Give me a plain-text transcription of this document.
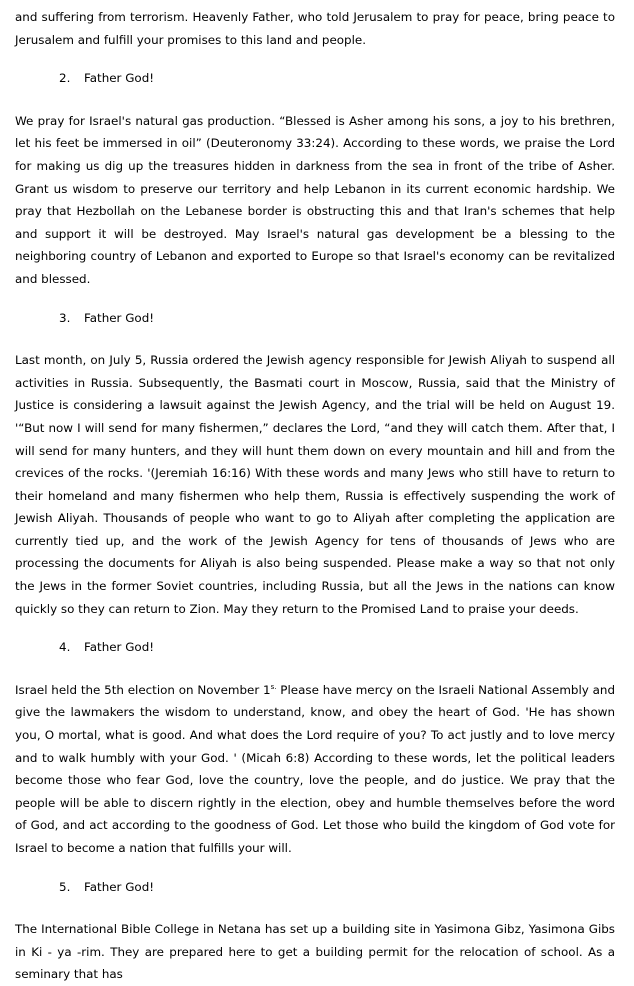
and suffering from terrorism. Heavenly Father, who told Jerusalem to pray for peace, bring peace to Jerusalem and fulfill your promises to this land and people.

2. Father God!

We pray for Israel's natural gas production. “Blessed is Asher among his sons, a joy to his brethren, let his feet be immersed in oil” (Deuteronomy 33:24). According to these words, we praise the Lord for making us dig up the treasures hidden in darkness from the sea in front of the tribe of Asher. Grant us wisdom to preserve our territory and help Lebanon in its current economic hardship. We pray that Hezbollah on the Lebanese border is obstructing this and that Iran's schemes that help and support it will be destroyed. May Israel's natural gas development be a blessing to the neighboring country of Lebanon and exported to Europe so that Israel's economy can be revitalized and blessed.

3. Father God!

Last month, on July 5, Russia ordered the Jewish agency responsible for Jewish Aliyah to suspend all activities in Russia. Subsequently, the Basmati court in Moscow, Russia, said that the Ministry of Justice is considering a lawsuit against the Jewish Agency, and the trial will be held on August 19. '“But now I will send for many fishermen,” declares the Lord, “and they will catch them. After that, I will send for many hunters, and they will hunt them down on every mountain and hill and from the crevices of the rocks. '(Jeremiah 16:16) With these words and many Jews who still have to return to their homeland and many fishermen who help them, Russia is effectively suspending the work of Jewish Aliyah. Thousands of people who want to go to Aliyah after completing the application are currently tied up, and the work of the Jewish Agency for tens of thousands of Jews who are processing the documents for Aliyah is also being suspended. Please make a way so that not only the Jews in the former Soviet countries, including Russia, but all the Jews in the nations can know quickly so they can return to Zion. May they return to the Promised Land to praise your deeds.

4. Father God!

Israel held the 5th election on November $1^{s.}$ Please have mercy on the Israeli National Assembly and give the lawmakers the wisdom to understand, know, and obey the heart of God. 'He has shown you, O mortal, what is good. And what does the Lord require of you? To act justly and to love mercy and to walk humbly with your God. ' (Micah 6:8) According to these words, let the political leaders become those who fear God, love the country, love the people, and do justice. We pray that the people will be able to discern rightly in the election, obey and humble themselves before the word of God, and act according to the goodness of God. Let those who build the kingdom of God vote for Israel to become a nation that fulfills your will.

5. Father God!

The International Bible College in Netana has set up a building site in Yasimona Gibz, Yasimona Gibs in Ki - ya -rim. They are prepared here to get a building permit for the relocation of school. As a seminary that has
